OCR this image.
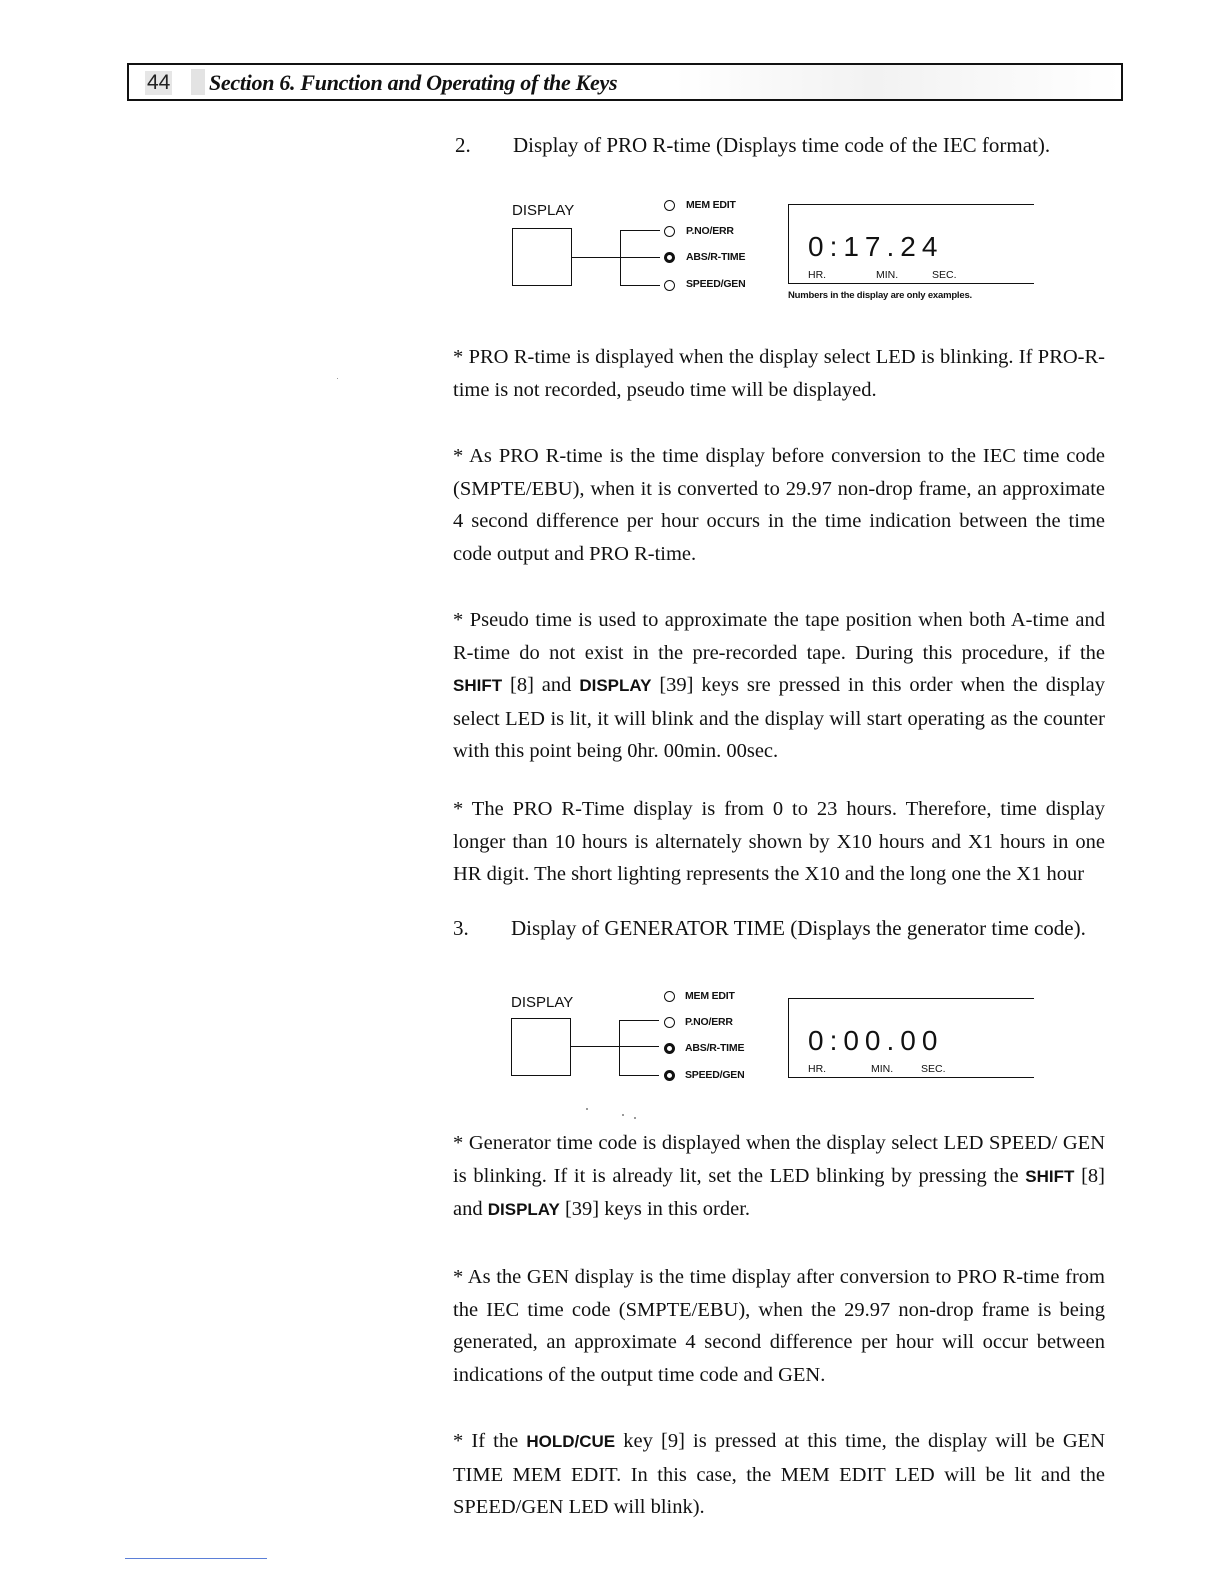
44 Section 6. Function and Operating of the Keys
2. Display of PRO R-time (Displays time code of the IEC format).
DISPLAY	MEM EDIT
P.NO/ERR
ABS/R-TIME
SPEED/GEN
0:17.24
HR.	MIN.	SEC.
Numbers in the display are only examples.

* PRO R-time is displayed when the display select LED is blinking. If PRO-R-time is not recorded, pseudo time will be displayed.

* As PRO R-time is the time display before conversion to the IEC time code (SMPTE/EBU), when it is converted to 29.97 non-drop frame, an approximate 4 second difference per hour occurs in the time indication between the time code output and PRO R-time.

* Pseudo time is used to approximate the tape position when both A-time and R-time do not exist in the pre-recorded tape. During this procedure, if the SHIFT [8] and DISPLAY [39] keys sre pressed in this order when the display select LED is lit, it will blink and the display will start operating as the counter with this point being 0hr. 00min. 00sec.

* The PRO R-Time display is from 0 to 23 hours. Therefore, time display longer than 10 hours is alternately shown by X10 hours and X1 hours in one HR digit. The short lighting represents the X10 and the long one the X1 hour

3. Display of GENERATOR TIME (Displays the generator time code).
DISPLAY	MEM EDIT
P.NO/ERR
ABS/R-TIME
SPEED/GEN
0:00.00
HR.	MIN.	SEC.

* Generator time code is displayed when the display select LED SPEED/ GEN is blinking. If it is already lit, set the LED blinking by pressing the SHIFT [8] and DISPLAY [39] keys in this order.

* As the GEN display is the time display after conversion to PRO R-time from the IEC time code (SMPTE/EBU), when the 29.97 non-drop frame is being generated, an approximate 4 second difference per hour will occur between indications of the output time code and GEN.

* If the HOLD/CUE key [9] is pressed at this time, the display will be GEN TIME MEM EDIT. In this case, the MEM EDIT LED will be lit and the SPEED/GEN LED will blink).
